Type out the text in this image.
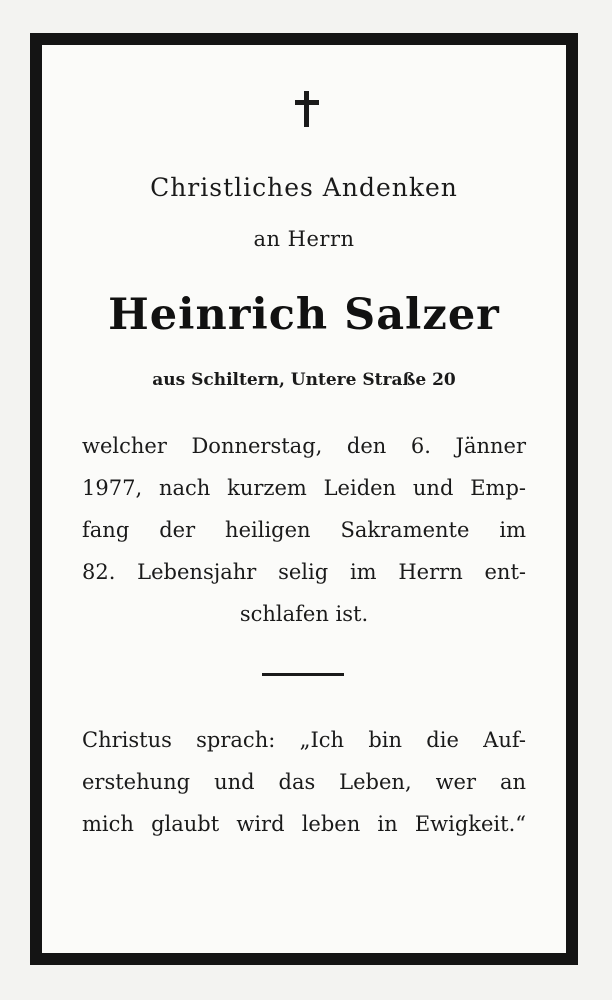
Christliches Andenken
an Herrn
Heinrich Salzer
aus Schiltern, Untere Straße 20
welcher Donnerstag, den 6. Jänner
1977, nach kurzem Leiden und Emp-
fang der heiligen Sakramente im
82. Lebensjahr selig im Herrn ent-
schlafen ist.
Christus sprach: „Ich bin die Auf-
erstehung und das Leben, wer an
mich glaubt wird leben in Ewigkeit.“
